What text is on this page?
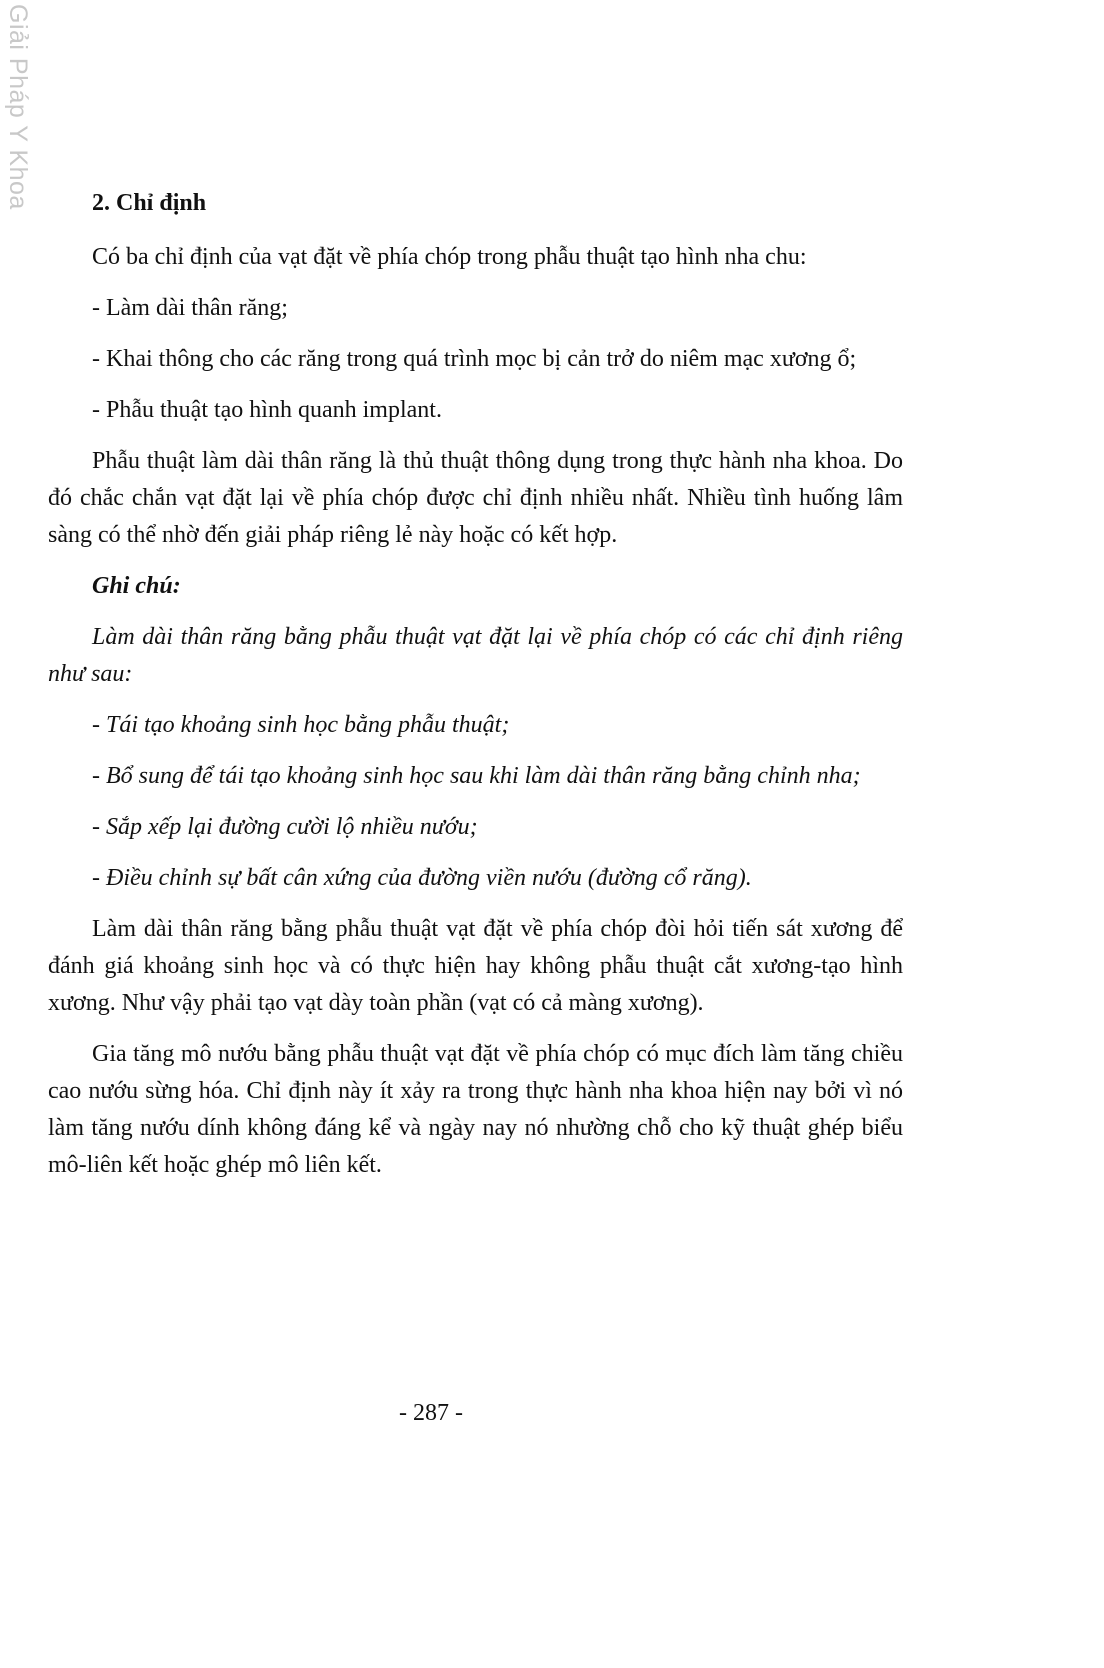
Giải Pháp Y Khoa	2. Chỉ định

Có ba chỉ định của vạt đặt về phía chóp trong phẫu thuật tạo hình nha chu:

- Làm dài thân răng;

- Khai thông cho các răng trong quá trình mọc bị cản trở do niêm mạc xương ổ;

- Phẫu thuật tạo hình quanh implant.

Phẫu thuật làm dài thân răng là thủ thuật thông dụng trong thực hành nha khoa. Do đó chắc chắn vạt đặt lại về phía chóp được chỉ định nhiều nhất. Nhiều tình huống lâm sàng có thể nhờ đến giải pháp riêng lẻ này hoặc có kết hợp.

Ghi chú:

Làm dài thân răng bằng phẫu thuật vạt đặt lại về phía chóp có các chỉ định riêng như sau:

- Tái tạo khoảng sinh học bằng phẫu thuật;

- Bổ sung để tái tạo khoảng sinh học sau khi làm dài thân răng bằng chỉnh nha;

- Sắp xếp lại đường cười lộ nhiều nướu;

- Điều chỉnh sự bất cân xứng của đường viền nướu (đường cổ răng).

Làm dài thân răng bằng phẫu thuật vạt đặt về phía chóp đòi hỏi tiến sát xương để đánh giá khoảng sinh học và có thực hiện hay không phẫu thuật cắt xương-tạo hình xương. Như vậy phải tạo vạt dày toàn phần (vạt có cả màng xương).

Gia tăng mô nướu bằng phẫu thuật vạt đặt về phía chóp có mục đích làm tăng chiều cao nướu sừng hóa. Chỉ định này ít xảy ra trong thực hành nha khoa hiện nay bởi vì nó làm tăng nướu dính không đáng kể và ngày nay nó nhường chỗ cho kỹ thuật ghép biểu mô-liên kết hoặc ghép mô liên kết.

- 287 -
